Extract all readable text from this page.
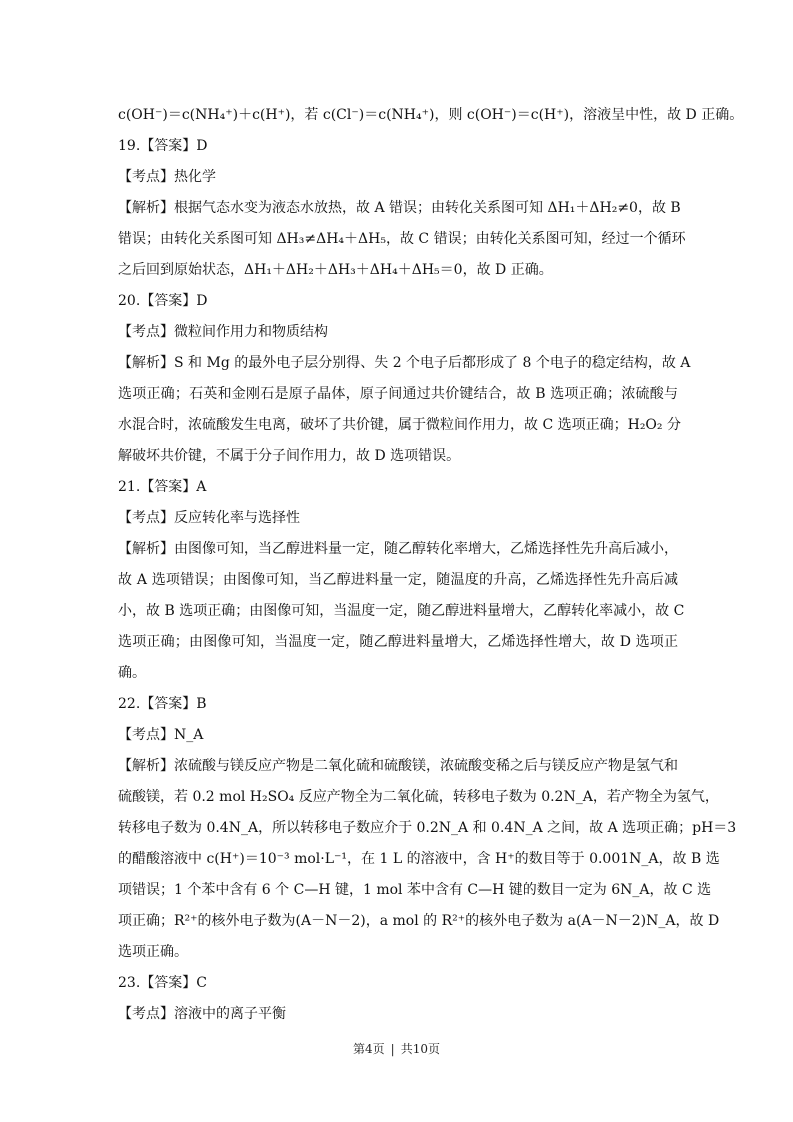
c(OH⁻)＝c(NH₄⁺)＋c(H⁺)，若 c(Cl⁻)＝c(NH₄⁺)，则 c(OH⁻)＝c(H⁺)，溶液呈中性，故 D 正确。
19.【答案】D
【考点】热化学
【解析】根据气态水变为液态水放热，故 A 错误；由转化关系图可知 ΔH₁＋ΔH₂≠0，故 B
错误；由转化关系图可知 ΔH₃≠ΔH₄＋ΔH₅，故 C 错误；由转化关系图可知，经过一个循环
之后回到原始状态，ΔH₁＋ΔH₂＋ΔH₃＋ΔH₄＋ΔH₅＝0，故 D 正确。
20.【答案】D
【考点】微粒间作用力和物质结构
【解析】S 和 Mg 的最外电子层分别得、失 2 个电子后都形成了 8 个电子的稳定结构，故 A
选项正确；石英和金刚石是原子晶体，原子间通过共价键结合，故 B 选项正确；浓硫酸与
水混合时，浓硫酸发生电离，破坏了共价键，属于微粒间作用力，故 C 选项正确；H₂O₂ 分
解破坏共价键，不属于分子间作用力，故 D 选项错误。
21.【答案】A
【考点】反应转化率与选择性
【解析】由图像可知，当乙醇进料量一定，随乙醇转化率增大，乙烯选择性先升高后减小，
故 A 选项错误；由图像可知，当乙醇进料量一定，随温度的升高，乙烯选择性先升高后减
小，故 B 选项正确；由图像可知，当温度一定，随乙醇进料量增大，乙醇转化率减小，故 C
选项正确；由图像可知，当温度一定，随乙醇进料量增大，乙烯选择性增大，故 D 选项正
确。
22.【答案】B
【考点】N_A
【解析】浓硫酸与镁反应产物是二氧化硫和硫酸镁，浓硫酸变稀之后与镁反应产物是氢气和
硫酸镁，若 0.2 mol H₂SO₄ 反应产物全为二氧化硫，转移电子数为 0.2N_A，若产物全为氢气，
转移电子数为 0.4N_A，所以转移电子数应介于 0.2N_A 和 0.4N_A 之间，故 A 选项正确；pH＝3
的醋酸溶液中 c(H⁺)＝10⁻³ mol·L⁻¹，在 1 L 的溶液中，含 H⁺的数目等于 0.001N_A，故 B 选
项错误；1 个苯中含有 6 个 C—H 键，1 mol 苯中含有 C—H 键的数目一定为 6N_A，故 C 选
项正确；R²⁺的核外电子数为(A－N－2)，a mol 的 R²⁺的核外电子数为 a(A－N－2)N_A，故 D
选项正确。
23.【答案】C
【考点】溶液中的离子平衡
第4页 | 共10页
